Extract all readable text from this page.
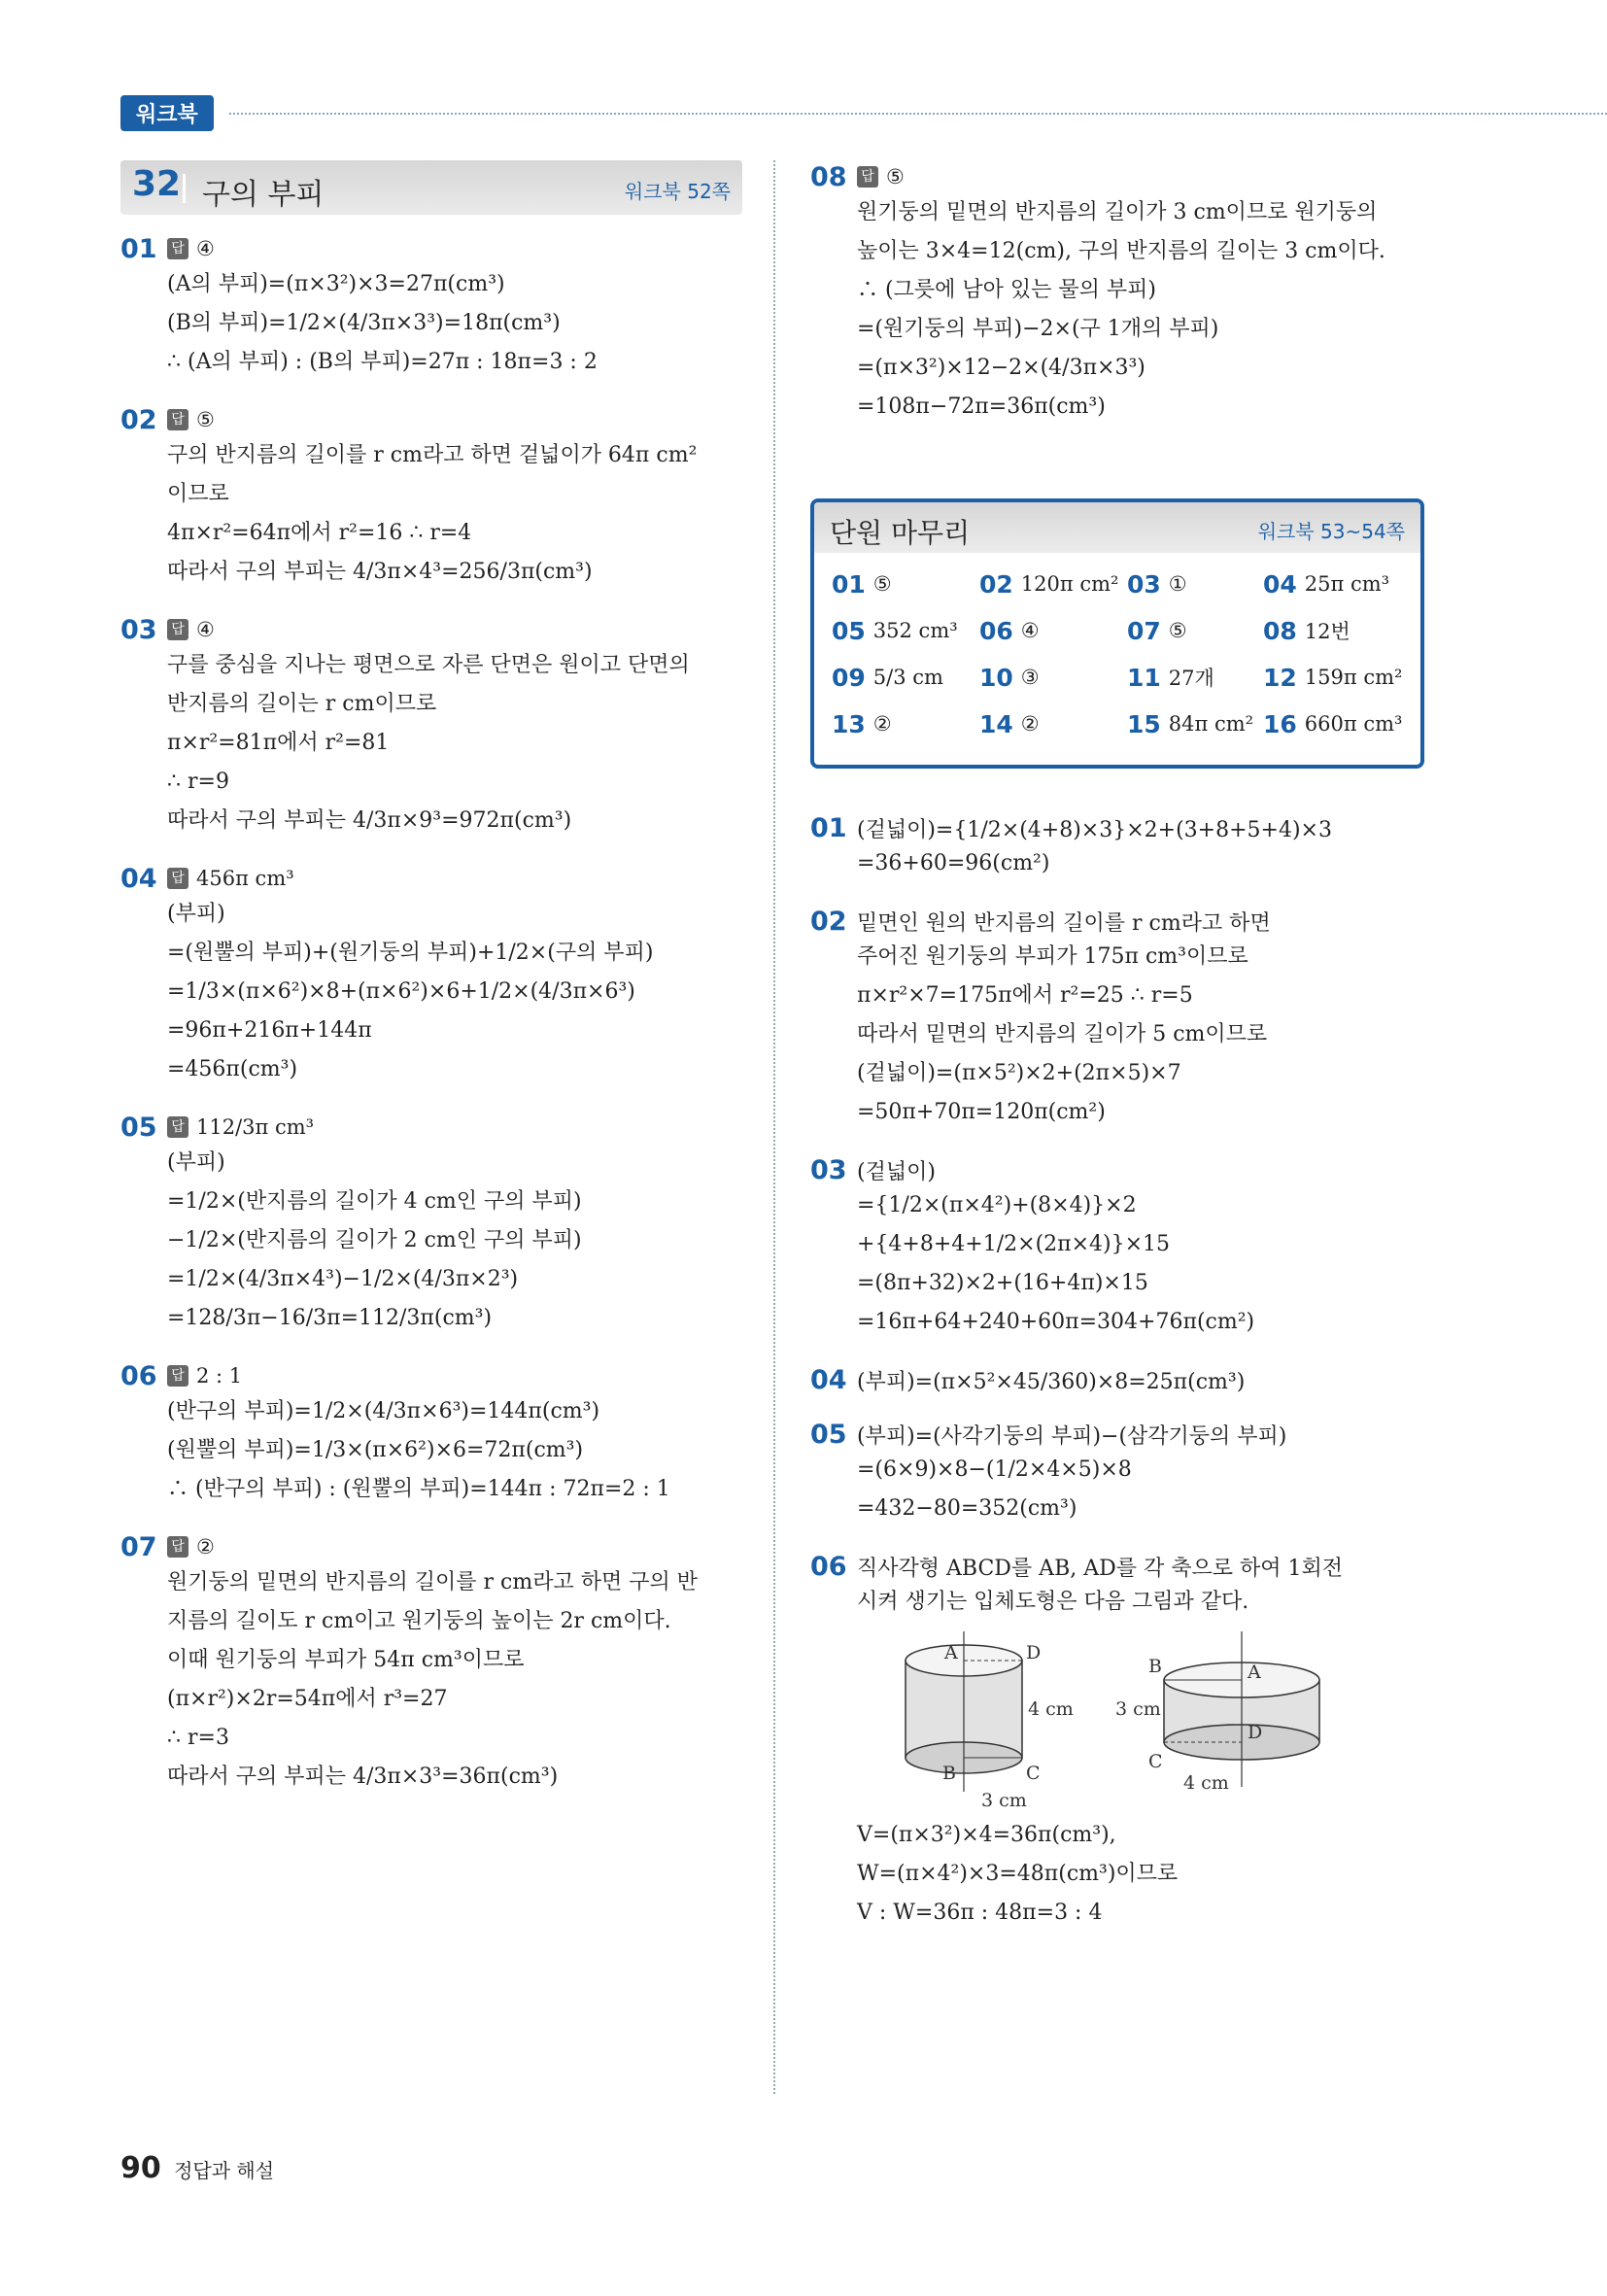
워크북
32 구의 부피	워크북 52쪽
01	답 ④
(A의 부피)=(π×3²)×3=27π(cm³)
(B의 부피)=1/2×(4/3π×3³)=18π(cm³)
∴ (A의 부피) : (B의 부피)=27π : 18π=3 : 2
02	답 ⑤
구의 반지름의 길이를 r cm라고 하면 겉넓이가 64π cm²
이므로
4π×r²=64π에서 r²=16 ∴ r=4
따라서 구의 부피는 4/3π×4³=256/3π(cm³)
03	답 ④
구를 중심을 지나는 평면으로 자른 단면은 원이고 단면의
반지름의 길이는 r cm이므로
π×r²=81π에서 r²=81
∴ r=9
따라서 구의 부피는 4/3π×9³=972π(cm³)
04	답 456π cm³
(부피)
=(원뿔의 부피)+(원기둥의 부피)+1/2×(구의 부피)
=1/3×(π×6²)×8+(π×6²)×6+1/2×(4/3π×6³)
=96π+216π+144π
=456π(cm³)
05	답 112/3π cm³
(부피)
=1/2×(반지름의 길이가 4 cm인 구의 부피)
−1/2×(반지름의 길이가 2 cm인 구의 부피)
=1/2×(4/3π×4³)−1/2×(4/3π×2³)
=128/3π−16/3π=112/3π(cm³)
06	답 2 : 1
(반구의 부피)=1/2×(4/3π×6³)=144π(cm³)
(원뿔의 부피)=1/3×(π×6²)×6=72π(cm³)
∴ (반구의 부피) : (원뿔의 부피)=144π : 72π=2 : 1
07	답 ②
원기둥의 밑면의 반지름의 길이를 r cm라고 하면 구의 반
지름의 길이도 r cm이고 원기둥의 높이는 2r cm이다.
이때 원기둥의 부피가 54π cm³이므로
(π×r²)×2r=54π에서 r³=27
∴ r=3
따라서 구의 부피는 4/3π×3³=36π(cm³)
08	답 ⑤
원기둥의 밑면의 반지름의 길이가 3 cm이므로 원기둥의
높이는 3×4=12(cm), 구의 반지름의 길이는 3 cm이다.
∴ (그릇에 남아 있는 물의 부피)
=(원기둥의 부피)−2×(구 1개의 부피)
=(π×3²)×12−2×(4/3π×3³)
=108π−72π=36π(cm³)
단원 마무리	워크북 53~54쪽
01 ⑤	02 120π cm² 03 ①	04 25π cm³
05 352 cm³ 06 ④	07 ⑤	08 12번
09 5/3 cm 10 ③	11 27개 12 159π cm²
13 ②	14 ②	15 84π cm² 16 660π cm³
01 (겉넓이)={1/2×(4+8)×3}×2+(3+8+5+4)×3
=36+60=96(cm²)
02 밑면인 원의 반지름의 길이를 r cm라고 하면
주어진 원기둥의 부피가 175π cm³이므로
π×r²×7=175π에서 r²=25 ∴ r=5
따라서 밑면의 반지름의 길이가 5 cm이므로
(겉넓이)=(π×5²)×2+(2π×5)×7
=50π+70π=120π(cm²)
03 (겉넓이)
={1/2×(π×4²)+(8×4)}×2
+{4+8+4+1/2×(2π×4)}×15
=(8π+32)×2+(16+4π)×15
=16π+64+240+60π=304+76π(cm²)
04 (부피)=(π×5²×45/360)×8=25π(cm³)
05 (부피)=(사각기둥의 부피)−(삼각기둥의 부피)
=(6×9)×8−(1/2×4×5)×8
=432−80=352(cm³)
06 직사각형 ABCD를 AB, AD를 각 축으로 하여 1회전
시켜 생기는 입체도형은 다음 그림과 같다.
A	D
B	C
4 cm
3 cm
B	A
C
D
3 cm
4 cm
V=(π×3²)×4=36π(cm³),
W=(π×4²)×3=48π(cm³)이므로
V : W=36π : 48π=3 : 4
90 정답과 해설
